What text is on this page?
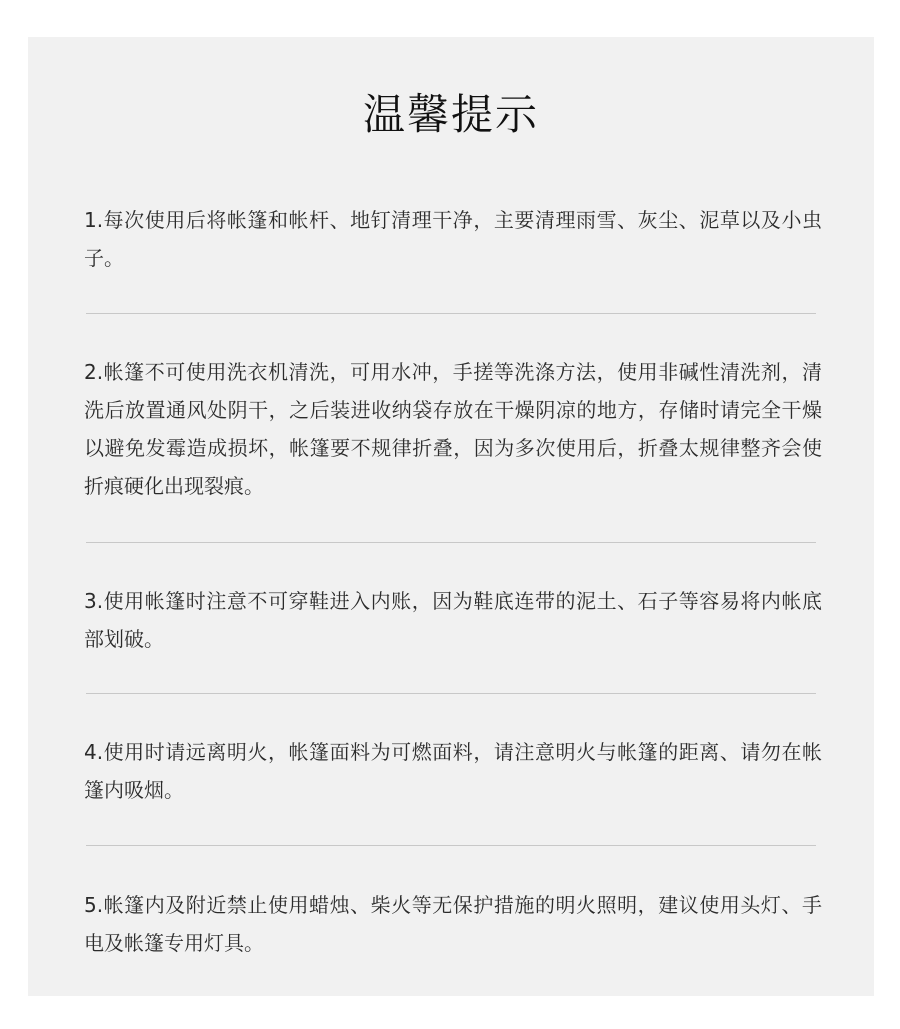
温馨提示

1.每次使用后将帐篷和帐杆、地钉清理干净，主要清理雨雪、灰尘、泥草以及小虫子。

2.帐篷不可使用洗衣机清洗，可用水冲，手搓等洗涤方法，使用非碱性清洗剂，清洗后放置通风处阴干，之后装进收纳袋存放在干燥阴凉的地方，存储时请完全干燥以避免发霉造成损坏，帐篷要不规律折叠，因为多次使用后，折叠太规律整齐会使折痕硬化出现裂痕。

3.使用帐篷时注意不可穿鞋进入内账，因为鞋底连带的泥土、石子等容易将内帐底部划破。

4.使用时请远离明火，帐篷面料为可燃面料，请注意明火与帐篷的距离、请勿在帐篷内吸烟。

5.帐篷内及附近禁止使用蜡烛、柴火等无保护措施的明火照明，建议使用头灯、手电及帐篷专用灯具。
